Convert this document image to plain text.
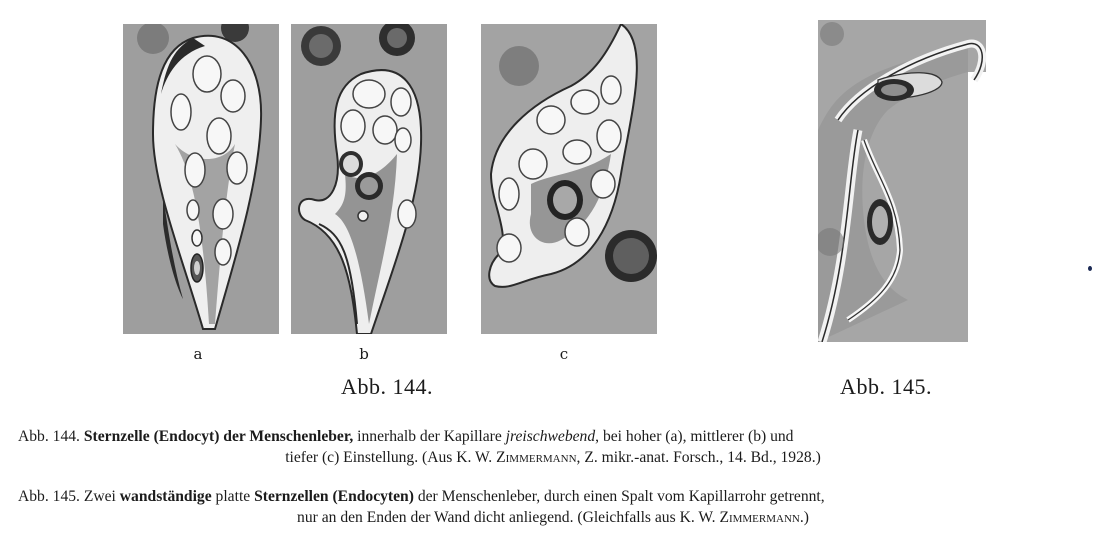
a	b	c
Abb. 144.	Abb. 145.
Abb. 144. Sternzelle (Endocyt) der Menschenleber, innerhalb der Kapillare jreischwebend, bei hoher (a), mittlerer (b) und
tiefer (c) Einstellung. (Aus K. W. Zimmermann, Z. mikr.-anat. Forsch., 14. Bd., 1928.)
Abb. 145. Zwei wandständige platte Sternzellen (Endocyten) der Menschenleber, durch einen Spalt vom Kapillarrohr getrennt,
nur an den Enden der Wand dicht anliegend. (Gleichfalls aus K. W. Zimmermann.)
